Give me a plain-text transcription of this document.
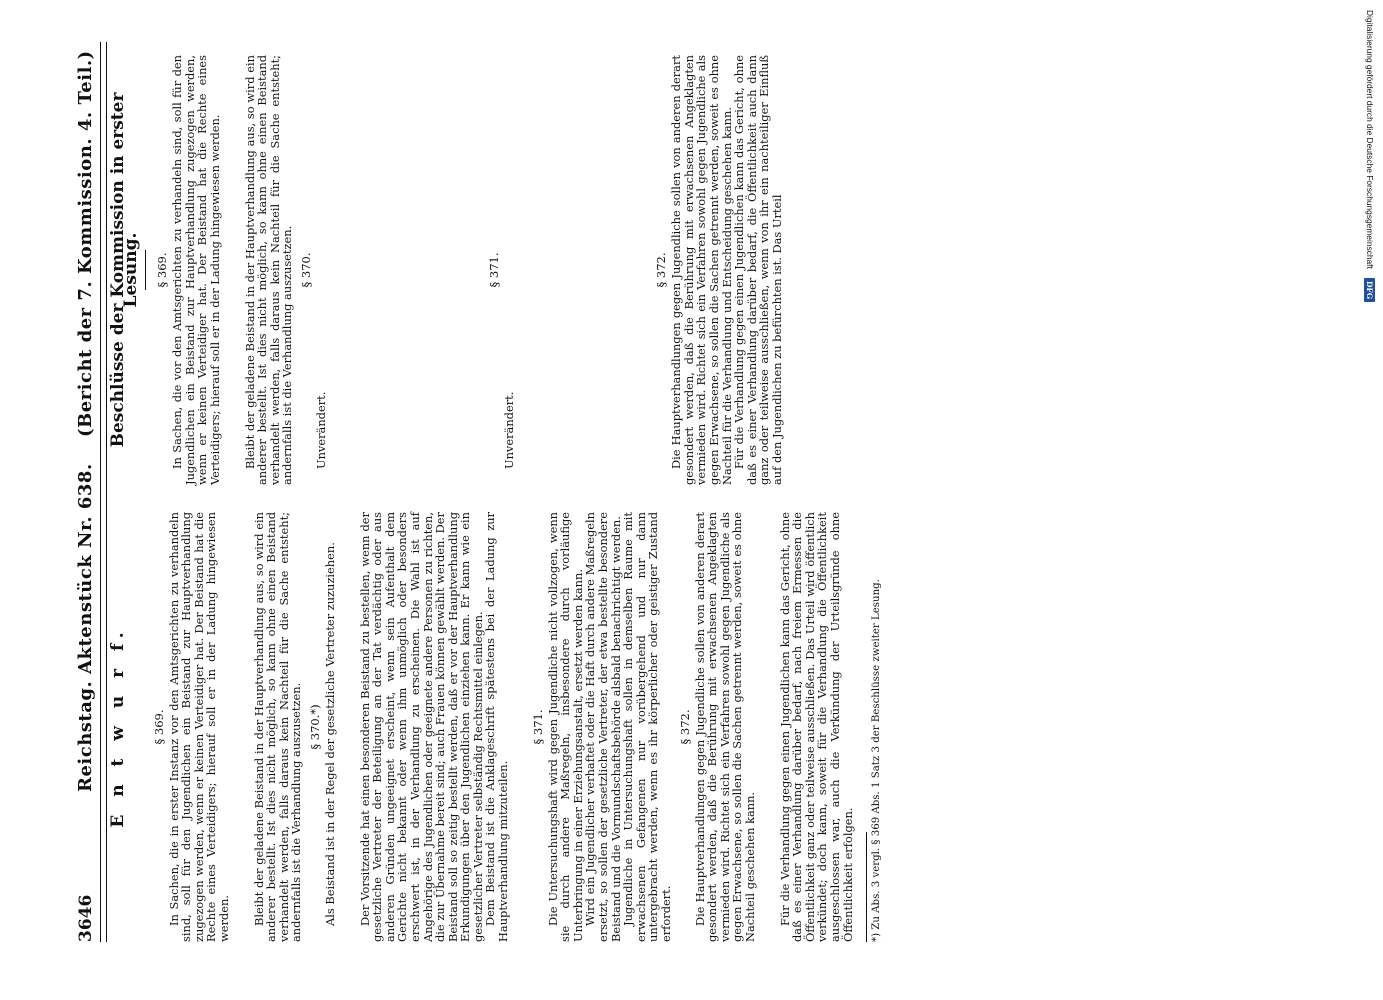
3646
Reichstag. Aktenstück Nr. 638.
(Bericht der 7. Kommission. 4. Teil.)
E n t w u r f. § 369. In Sachen, die in erster Instanz vor den Amtsgerichten zu verhandeln sind, soll für den Jugendlichen ein Beistand zur Hauptverhandlung zugezogen werden, wenn er keinen Verteidiger hat. Der Beistand hat die Rechte eines Verteidigers; hierauf soll er in der Ladung hingewiesen werden. Bleibt der geladene Beistand in der Hauptverhandlung aus, so wird ein anderer bestellt. Ist dies nicht möglich, so kann ohne einen Beistand verhandelt werden, falls daraus kein Nachteil für die Sache entsteht; andernfalls ist die Verhandlung auszusetzen. § 370.*) Als Beistand ist in der Regel der gesetzliche Vertreter zuzuziehen. Der Vorsitzende hat einen besonderen Beistand zu bestellen, wenn der gesetzliche Vertreter der Beteiligung an der Tat verdächtig oder aus anderen Gründen ungeeignet erscheint, wenn sein Aufenthalt dem Gerichte nicht bekannt oder wenn ihm unmöglich oder besonders erschwert ist, in der Verhandlung zu erscheinen. Die Wahl ist auf Angehörige des Jugendlichen oder geeignete andere Personen zu richten, die zur Übernahme bereit sind; auch Frauen können gewählt werden. Der Beistand soll so zeitig bestellt werden, daß er vor der Hauptverhandlung Erkundigungen über den Jugendlichen einziehen kann. Er kann wie ein gesetzlicher Vertreter selbständig Rechtsmittel einlegen.

Dem Beistand ist die Anklageschrift spätestens bei der Ladung zur Hauptverhandlung mitzuteilen.

§ 371. Die Untersuchungshaft wird gegen Jugendliche nicht vollzogen, wenn sie durch andere Maßregeln, insbesondere durch vorläufige Unterbringung in einer Erziehungsanstalt, ersetzt werden kann.

Wird ein Jugendlicher verhaftet oder die Haft durch andere Maßregeln ersetzt, so sollen der gesetzliche Vertreter, der etwa bestellte besondere Beistand und die Vormundschaftsbehörde alsbald benachrichtigt werden.

Jugendliche in Untersuchungshaft sollen in demselben Raume mit erwachsenen Gefangenen nur vorübergehend und nur dann untergebracht werden, wenn es ihr körperlicher oder geistiger Zustand erfordert.

§ 372. Die Hauptverhandlungen gegen Jugendliche sollen von anderen derart gesondert werden, daß die Berührung mit erwachsenen Angeklagten vermieden wird. Richtet sich ein Verfahren sowohl gegen Jugendliche als gegen Erwachsene, so sollen die Sachen getrennt werden, soweit es ohne Nachteil geschehen kann. Für die Verhandlung gegen einen Jugendlichen kann das Gericht, ohne daß es einer Verhandlung darüber bedarf, nach freiem Ermessen die Öffentlichkeit ganz oder teilweise ausschließen. Das Urteil wird öffentlich verkündet; doch kann, soweit für die Verhandlung die Öffentlichkeit ausgeschlossen war, auch die Verkündung der Urteilsgründe ohne Öffentlichkeit erfolgen. *) Zu Abs. 3 vergl. § 369 Abs. 1 Satz 3 der Beschlüsse zweiter Lesung.
Beschlüsse der Kommission in erster Lesung. § 369. In Sachen, die vor den Amtsgerichten zu verhandeln sind, soll für den Jugendlichen ein Beistand zur Hauptverhandlung zugezogen werden, wenn er keinen Verteidiger hat. Der Beistand hat die Rechte eines Verteidigers; hierauf soll er in der Ladung hingewiesen werden. Bleibt der geladene Beistand in der Hauptverhandlung aus, so wird ein anderer bestellt. Ist dies nicht möglich, so kann ohne einen Beistand verhandelt werden, falls daraus kein Nachteil für die Sache entsteht; andernfalls ist die Verhandlung auszusetzen. § 370.

Unverändert.

§ 371.

Unverändert.

§ 372. Die Hauptverhandlungen gegen Jugendliche sollen von anderen derart gesondert werden, daß die Berührung mit erwachsenen Angeklagten vermieden wird. Richtet sich ein Verfahren sowohl gegen Jugendliche als gegen Erwachsene, so sollen die Sachen getrennt werden, soweit es ohne Nachteil für die Verhandlung und Entscheidung geschehen kann.

Für die Verhandlung gegen einen Jugendlichen kann das Gericht, ohne daß es einer Verhandlung darüber bedarf, die Öffentlichkeit auch dann ganz oder teilweise ausschließen, wenn von ihr ein nachteiliger Einfluß auf den Jugendlichen zu befürchten ist. Das Urteil

Digitalisierung gefördert durch die Deutsche Forschungsgemeinschaft DFG
